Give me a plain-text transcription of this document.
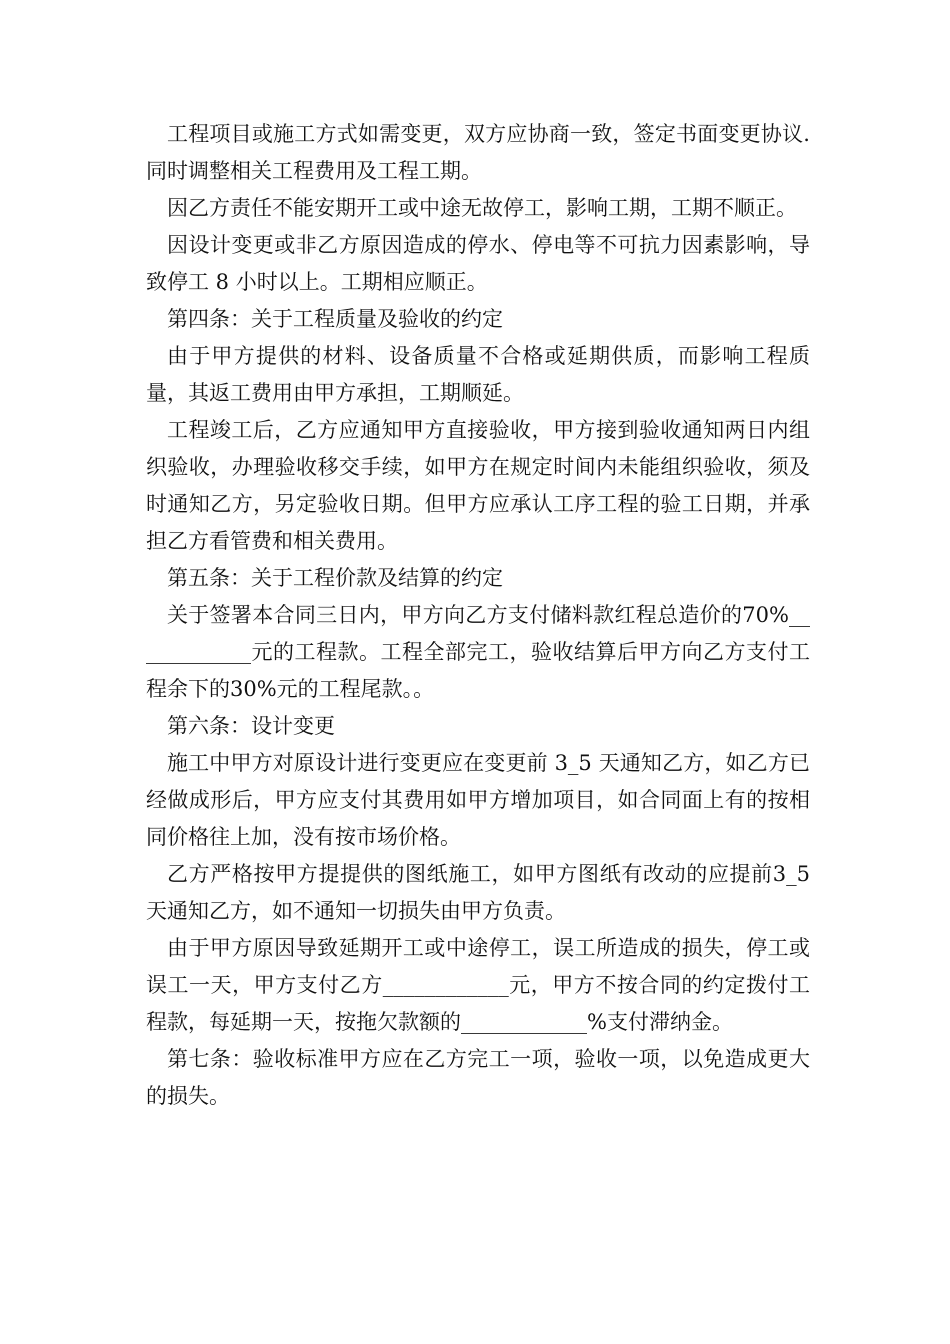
工程项目或施工方式如需变更，双方应协商一致，签定书面变更协议.同时调整相关工程费用及工程工期。

因乙方责任不能安期开工或中途无故停工，影响工期，工期不顺正。

因设计变更或非乙方原因造成的停水、停电等不可抗力因素影响，导致停工 8 小时以上。工期相应顺正。

第四条：关于工程质量及验收的约定

由于甲方提供的材料、设备质量不合格或延期供质，而影响工程质量，其返工费用由甲方承担，工期顺延。

工程竣工后，乙方应通知甲方直接验收，甲方接到验收通知两日内组织验收，办理验收移交手续，如甲方在规定时间内未能组织验收，须及时通知乙方，另定验收日期。但甲方应承认工序工程的验工日期，并承担乙方看管费和相关费用。

第五条：关于工程价款及结算的约定

关于签署本合同三日内，甲方向乙方支付储料款红程总造价的70%____________元的工程款。工程全部完工，验收结算后甲方向乙方支付工程余下的30%元的工程尾款。。

第六条：设计变更

施工中甲方对原设计进行变更应在变更前 3_5 天通知乙方，如乙方已经做成形后，甲方应支付其费用如甲方增加项目，如合同面上有的按相同价格往上加，没有按市场价格。

乙方严格按甲方提提供的图纸施工，如甲方图纸有改动的应提前3_5 天通知乙方，如不通知一切损失由甲方负责。

由于甲方原因导致延期开工或中途停工，误工所造成的损失，停工或误工一天，甲方支付乙方____________元，甲方不按合同的约定拨付工程款，每延期一天，按拖欠款额的____________%支付滞纳金。

第七条：验收标准甲方应在乙方完工一项，验收一项，以免造成更大的损失。
